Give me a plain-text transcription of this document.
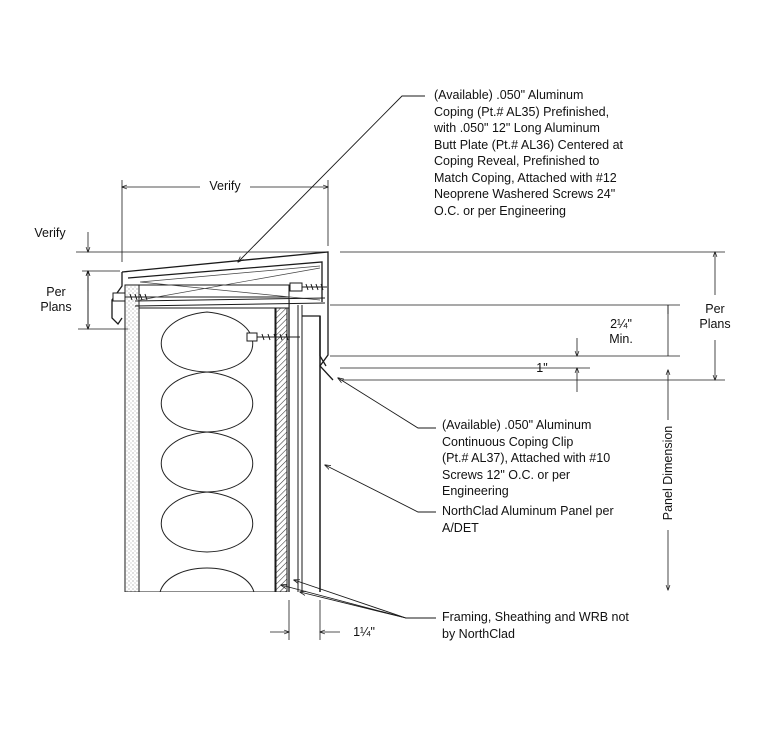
(Available) .050" Aluminum
Coping (Pt.# AL35) Prefinished,
with .050" 12" Long Aluminum
Butt Plate (Pt.# AL36) Centered at
Coping Reveal, Prefinished to
Match Coping, Attached with #12
Neoprene Washered Screws 24"
O.C. or per Engineering

(Available) .050" Aluminum
Continuous Coping Clip
(Pt.# AL37), Attached with #10
Screws 12" O.C. or per
Engineering

NorthClad Aluminum Panel per
A/DET

Framing, Sheathing and WRB not
by NorthClad

Verify

Verify

Per
Plans	Per
Plans

2¼"
Min.

1"

1¼"

Panel Dimension
